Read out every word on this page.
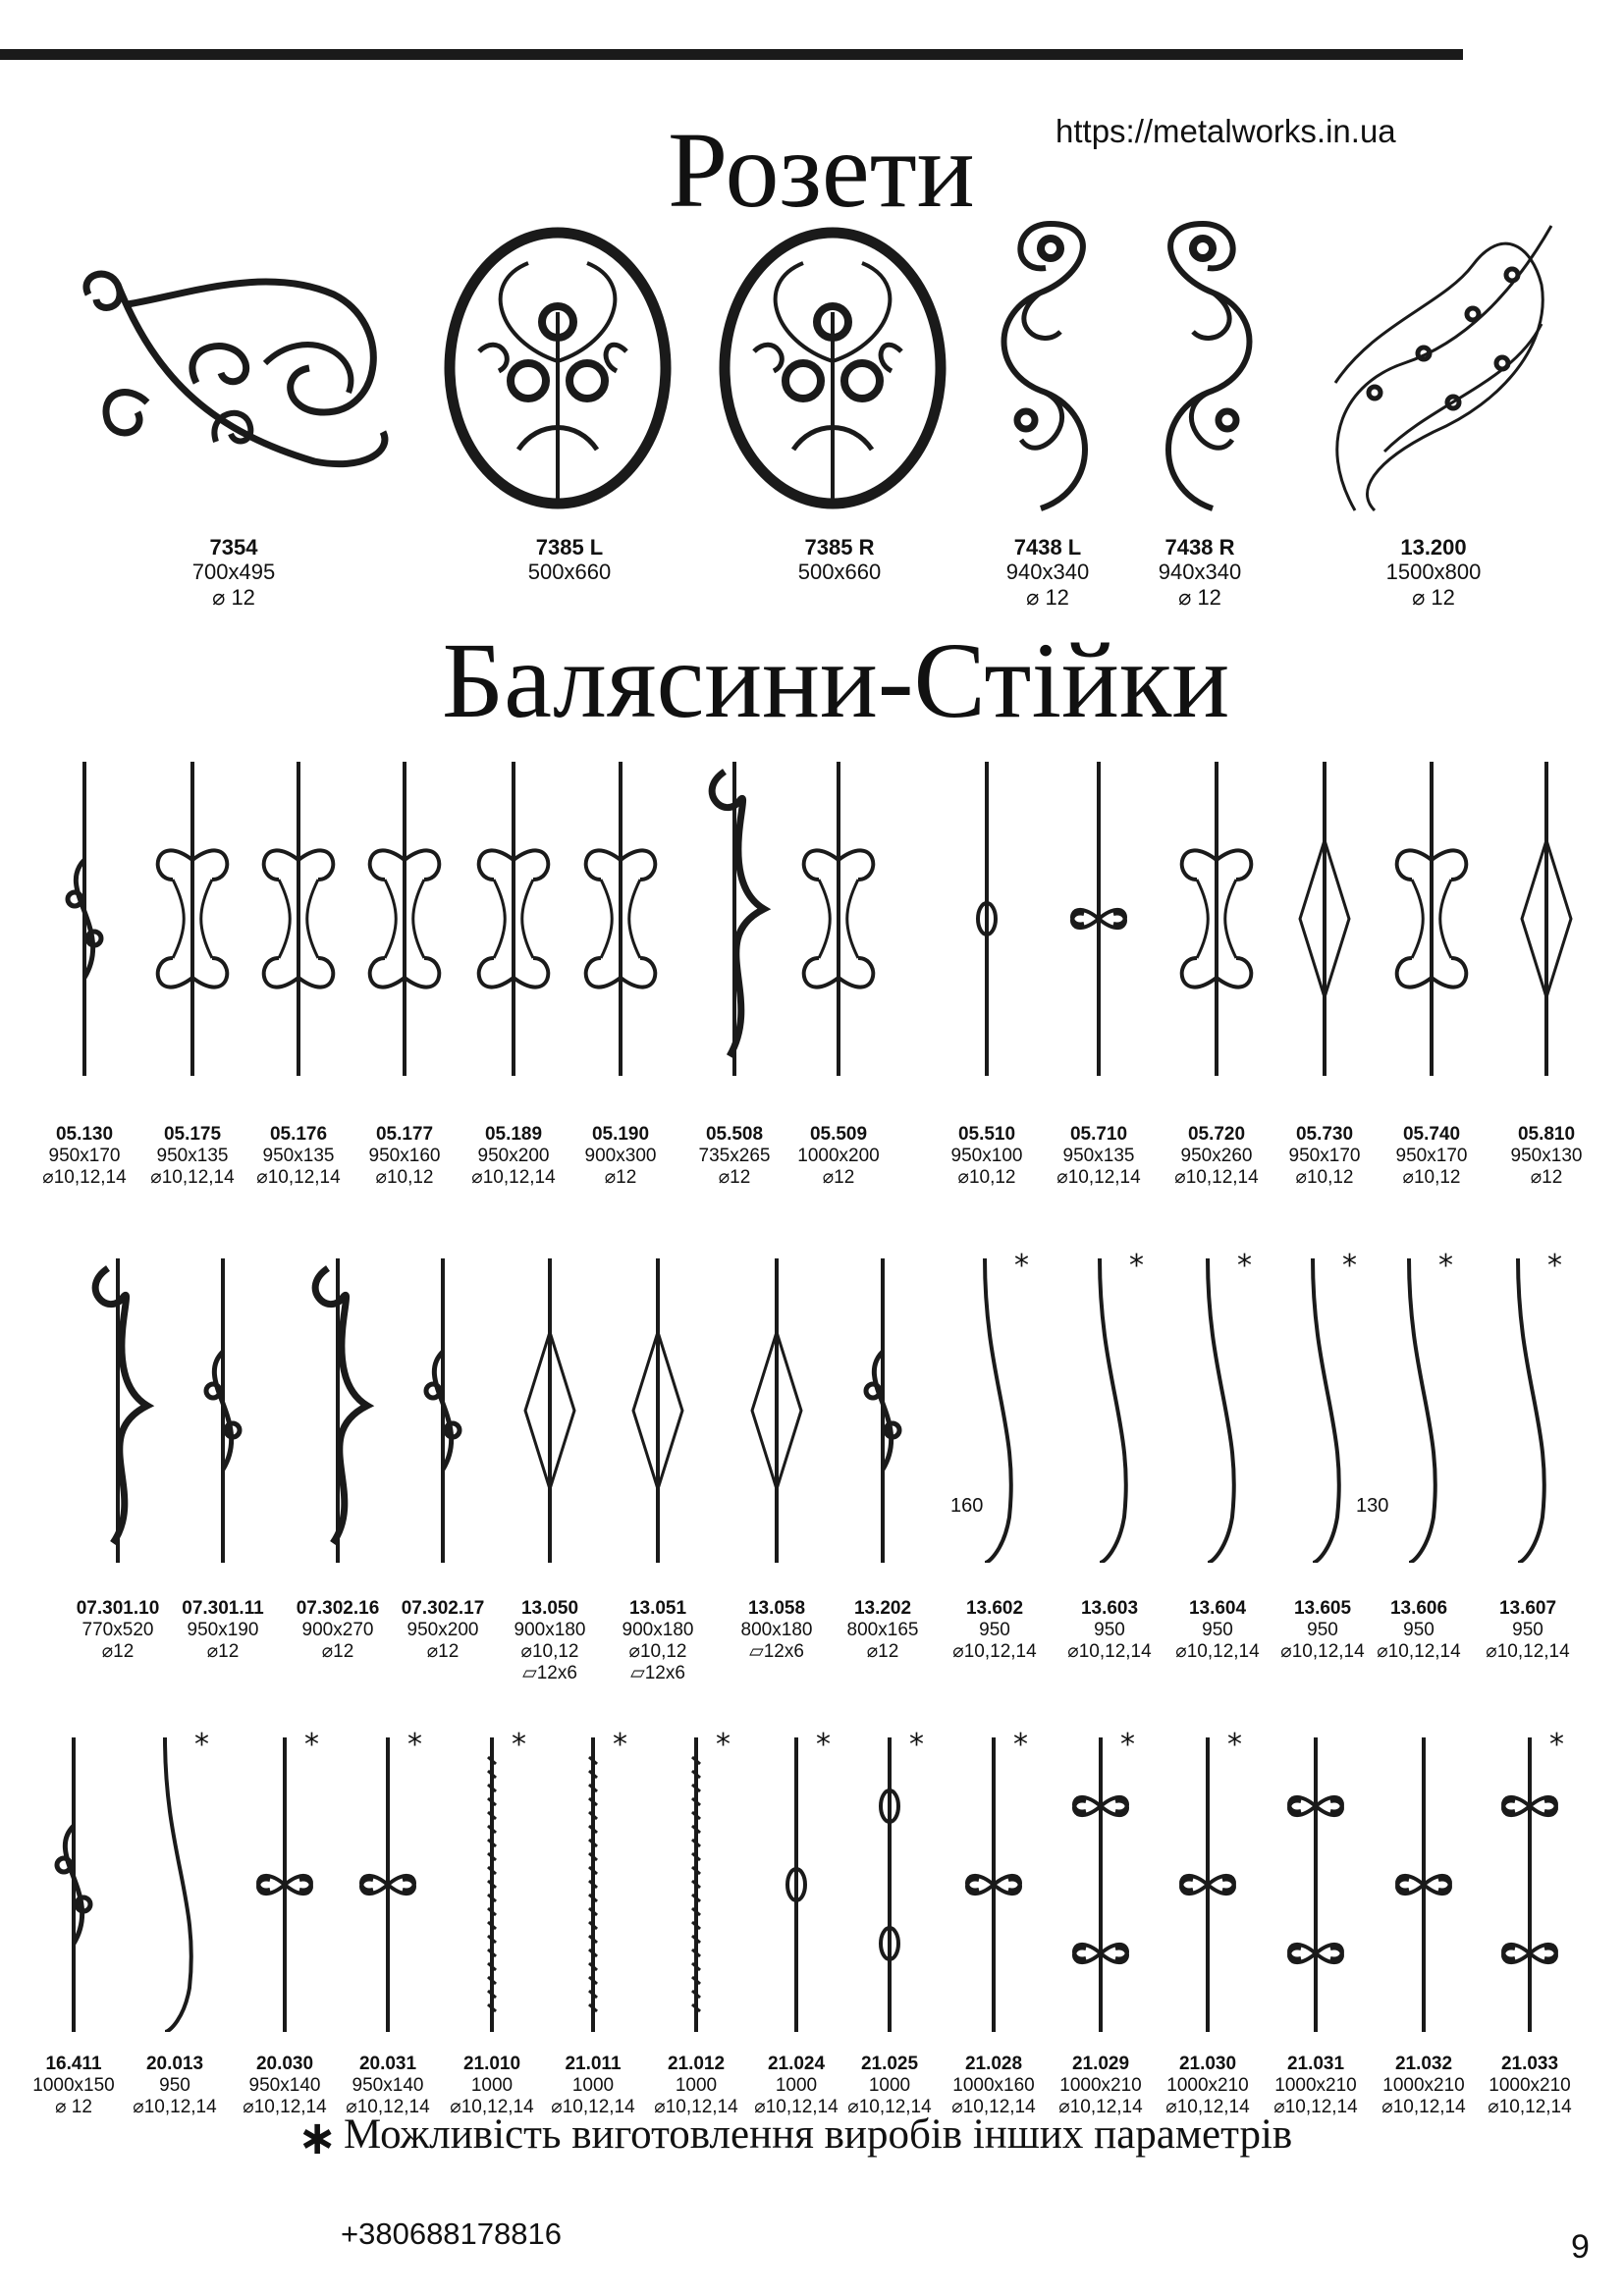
https://metalworks.in.ua
Розети
Балясини-Стійки
7354
700x495
⌀ 12
7385 L
500x660
7385 R
500x660
7438 L
940x340
⌀ 12
7438 R
940x340
⌀ 12
13.200
1500x800
⌀ 12
05.130
950x170
⌀10,12,14
05.175
950x135
⌀10,12,14
05.176
950x135
⌀10,12,14
05.177
950x160
⌀10,12
05.189
950x200
⌀10,12,14
05.190
900x300
⌀12
05.508
735x265
⌀12
05.509
1000x200
⌀12
05.510
950x100
⌀10,12
05.710
950x135
⌀10,12,14
05.720
950x260
⌀10,12,14
05.730
950x170
⌀10,12
05.740
950x170
⌀10,12
05.810
950x130
⌀12
07.301.10
770x520
⌀12
07.301.11
950x190
⌀12
07.302.16
900x270
⌀12
07.302.17
950x200
⌀12
13.050
900x180
⌀10,12
▱12x6
13.051
900x180
⌀10,12
▱12x6
13.058
800x180
▱12x6
13.202
800x165
⌀12
*
13.602
950
⌀10,12,14
*
13.603
950
⌀10,12,14
*
13.604
950
⌀10,12,14
*
13.605
950
⌀10,12,14
*
13.606
950
⌀10,12,14
*
13.607
950
⌀10,12,14
16.411
1000x150
⌀ 12
*
20.013
950
⌀10,12,14
*
20.030
950x140
⌀10,12,14
*
20.031
950x140
⌀10,12,14
*
21.010
1000
⌀10,12,14
*
21.011
1000
⌀10,12,14
*
21.012
1000
⌀10,12,14
*
21.024
1000
⌀10,12,14
*
21.025
1000
⌀10,12,14
*
21.028
1000x160
⌀10,12,14
*
21.029
1000x210
⌀10,12,14
*
21.030
1000x210
⌀10,12,14
21.031
1000x210
⌀10,12,14
21.032
1000x210
⌀10,12,14
*
21.033
1000x210
⌀10,12,14
160	130
∗ Можливість виготовлення виробів інших параметрів
+380688178816	9
